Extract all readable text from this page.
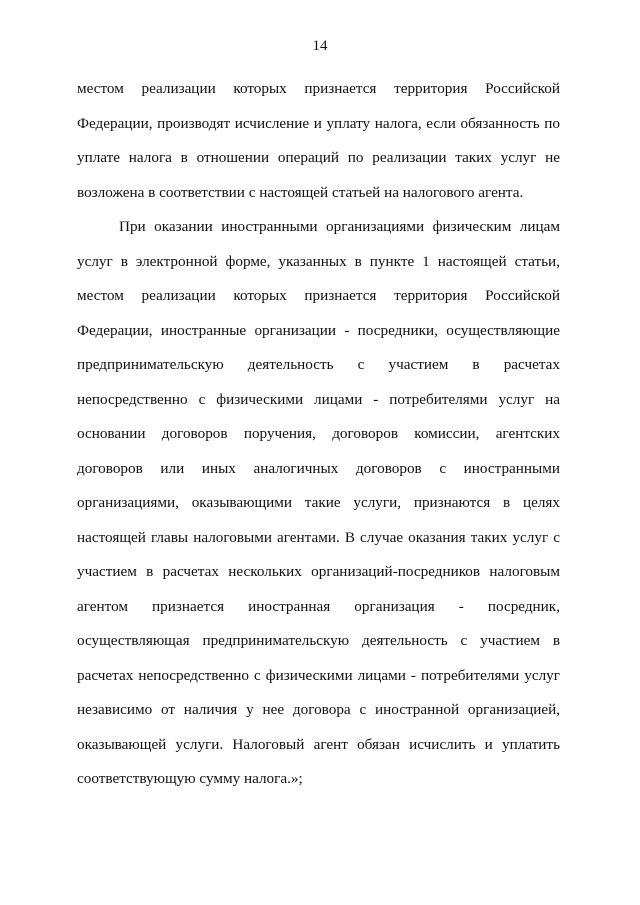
14

местом реализации которых признается территория Российской Федерации, производят исчисление и уплату налога, если обязанность по уплате налога в отношении операций по реализации таких услуг не возложена в соответствии с настоящей статьей на налогового агента.

При оказании иностранными организациями физическим лицам услуг в электронной форме, указанных в пункте 1 настоящей статьи, местом реализации которых признается территория Российской Федерации, иностранные организации - посредники, осуществляющие предпринимательскую деятельность с участием в расчетах непосредственно с физическими лицами - потребителями услуг на основании договоров поручения, договоров комиссии, агентских договоров или иных аналогичных договоров с иностранными организациями, оказывающими такие услуги, признаются в целях настоящей главы налоговыми агентами. В случае оказания таких услуг с участием в расчетах нескольких организаций-посредников налоговым агентом признается иностранная организация - посредник, осуществляющая предпринимательскую деятельность с участием в расчетах непосредственно с физическими лицами - потребителями услуг независимо от наличия у нее договора с иностранной организацией, оказывающей услуги. Налоговый агент обязан исчислить и уплатить соответствующую сумму налога.»;
